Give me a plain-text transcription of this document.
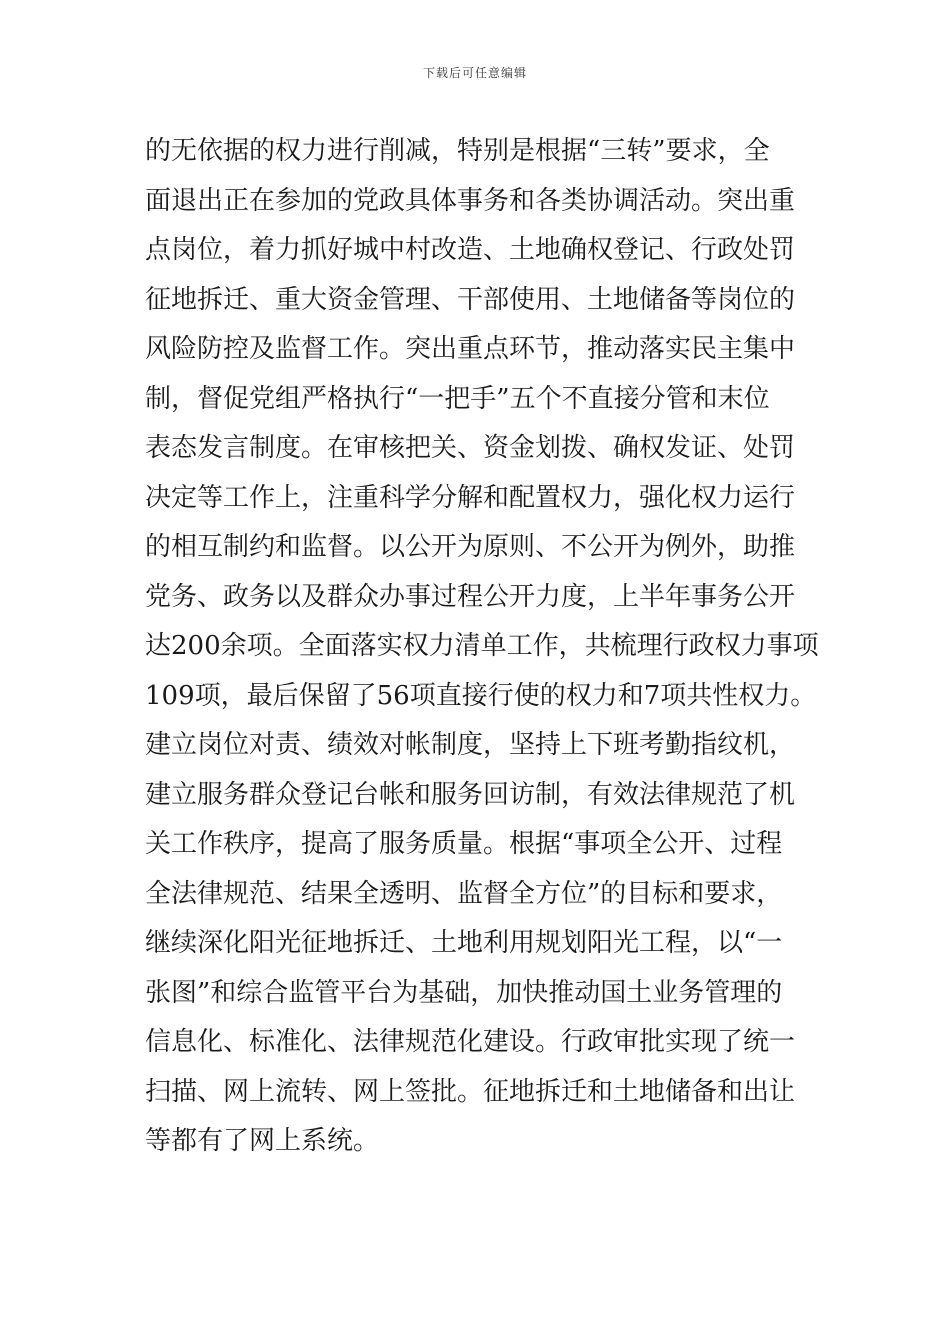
下载后可任意编辑
的无依据的权力进行削减，特别是根据“三转”要求，全
面退出正在参加的党政具体事务和各类协调活动。突出重
点岗位，着力抓好城中村改造、土地确权登记、行政处罚
征地拆迁、重大资金管理、干部使用、土地储备等岗位的
风险防控及监督工作。突出重点环节，推动落实民主集中
制，督促党组严格执行“一把手”五个不直接分管和末位
表态发言制度。在审核把关、资金划拨、确权发证、处罚
决定等工作上，注重科学分解和配置权力，强化权力运行
的相互制约和监督。以公开为原则、不公开为例外，助推
党务、政务以及群众办事过程公开力度，上半年事务公开
达200余项。全面落实权力清单工作，共梳理行政权力事项
109项，最后保留了56项直接行使的权力和7项共性权力。
建立岗位对责、绩效对帐制度，坚持上下班考勤指纹机，
建立服务群众登记台帐和服务回访制，有效法律规范了机
关工作秩序，提高了服务质量。根据“事项全公开、过程
全法律规范、结果全透明、监督全方位”的目标和要求，
继续深化阳光征地拆迁、土地利用规划阳光工程，以“一
张图”和综合监管平台为基础，加快推动国土业务管理的
信息化、标准化、法律规范化建设。行政审批实现了统一
扫描、网上流转、网上签批。征地拆迁和土地储备和出让
等都有了网上系统。
